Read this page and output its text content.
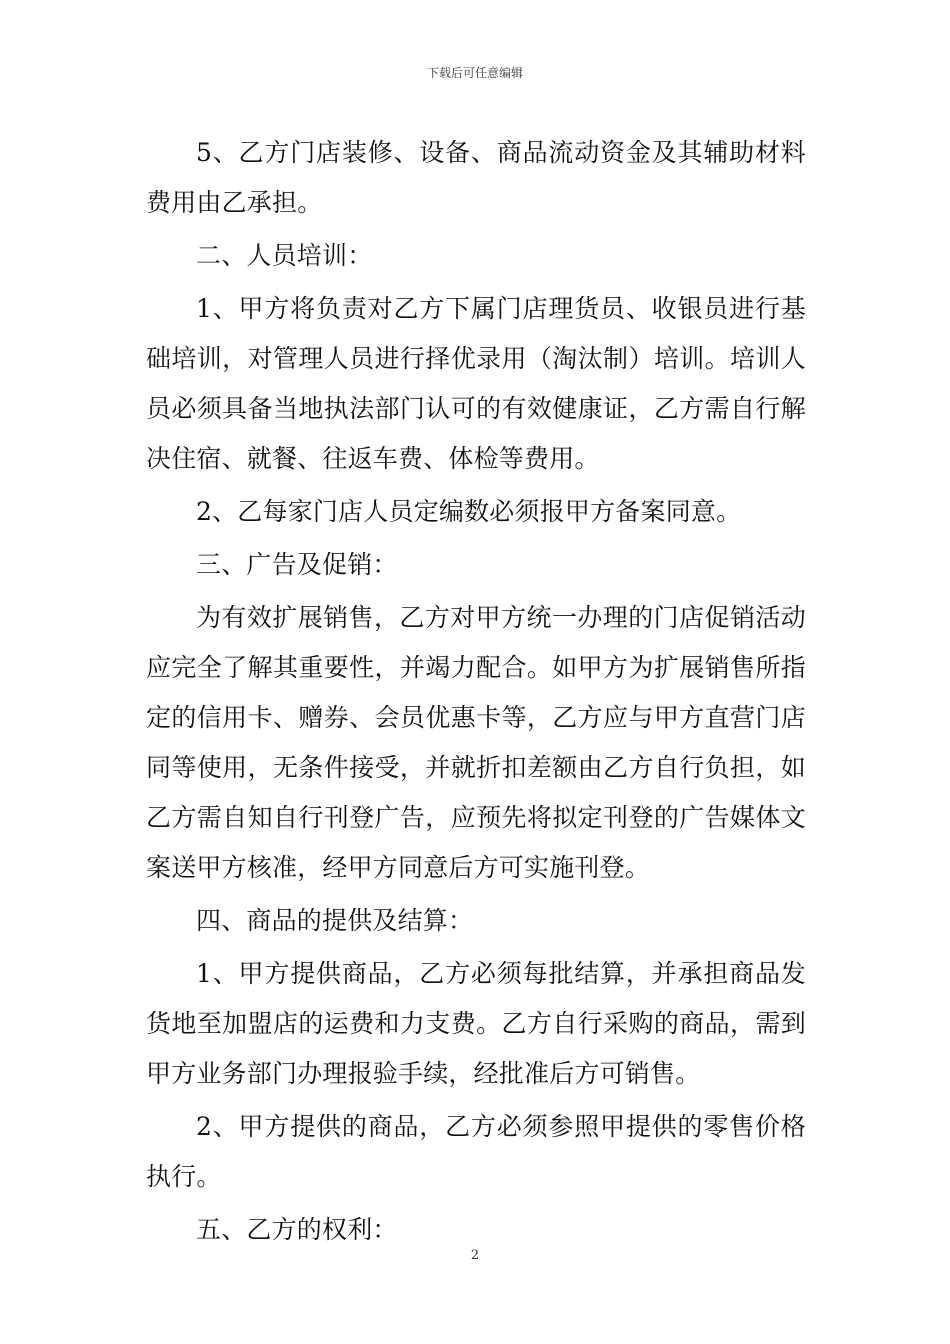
下载后可任意编辑

5、乙方门店装修、设备、商品流动资金及其辅助材料费用由乙承担。

二、人员培训：

1、甲方将负责对乙方下属门店理货员、收银员进行基础培训，对管理人员进行择优录用（淘汰制）培训。培训人员必须具备当地执法部门认可的有效健康证，乙方需自行解决住宿、就餐、往返车费、体检等费用。

2、乙每家门店人员定编数必须报甲方备案同意。

三、广告及促销：

为有效扩展销售，乙方对甲方统一办理的门店促销活动应完全了解其重要性，并竭力配合。如甲方为扩展销售所指定的信用卡、赠券、会员优惠卡等，乙方应与甲方直营门店同等使用，无条件接受，并就折扣差额由乙方自行负担，如乙方需自知自行刊登广告，应预先将拟定刊登的广告媒体文案送甲方核准，经甲方同意后方可实施刊登。

四、商品的提供及结算：

1、甲方提供商品，乙方必须每批结算，并承担商品发货地至加盟店的运费和力支费。乙方自行采购的商品，需到甲方业务部门办理报验手续，经批准后方可销售。

2、甲方提供的商品，乙方必须参照甲提供的零售价格执行。

五、乙方的权利：

2
